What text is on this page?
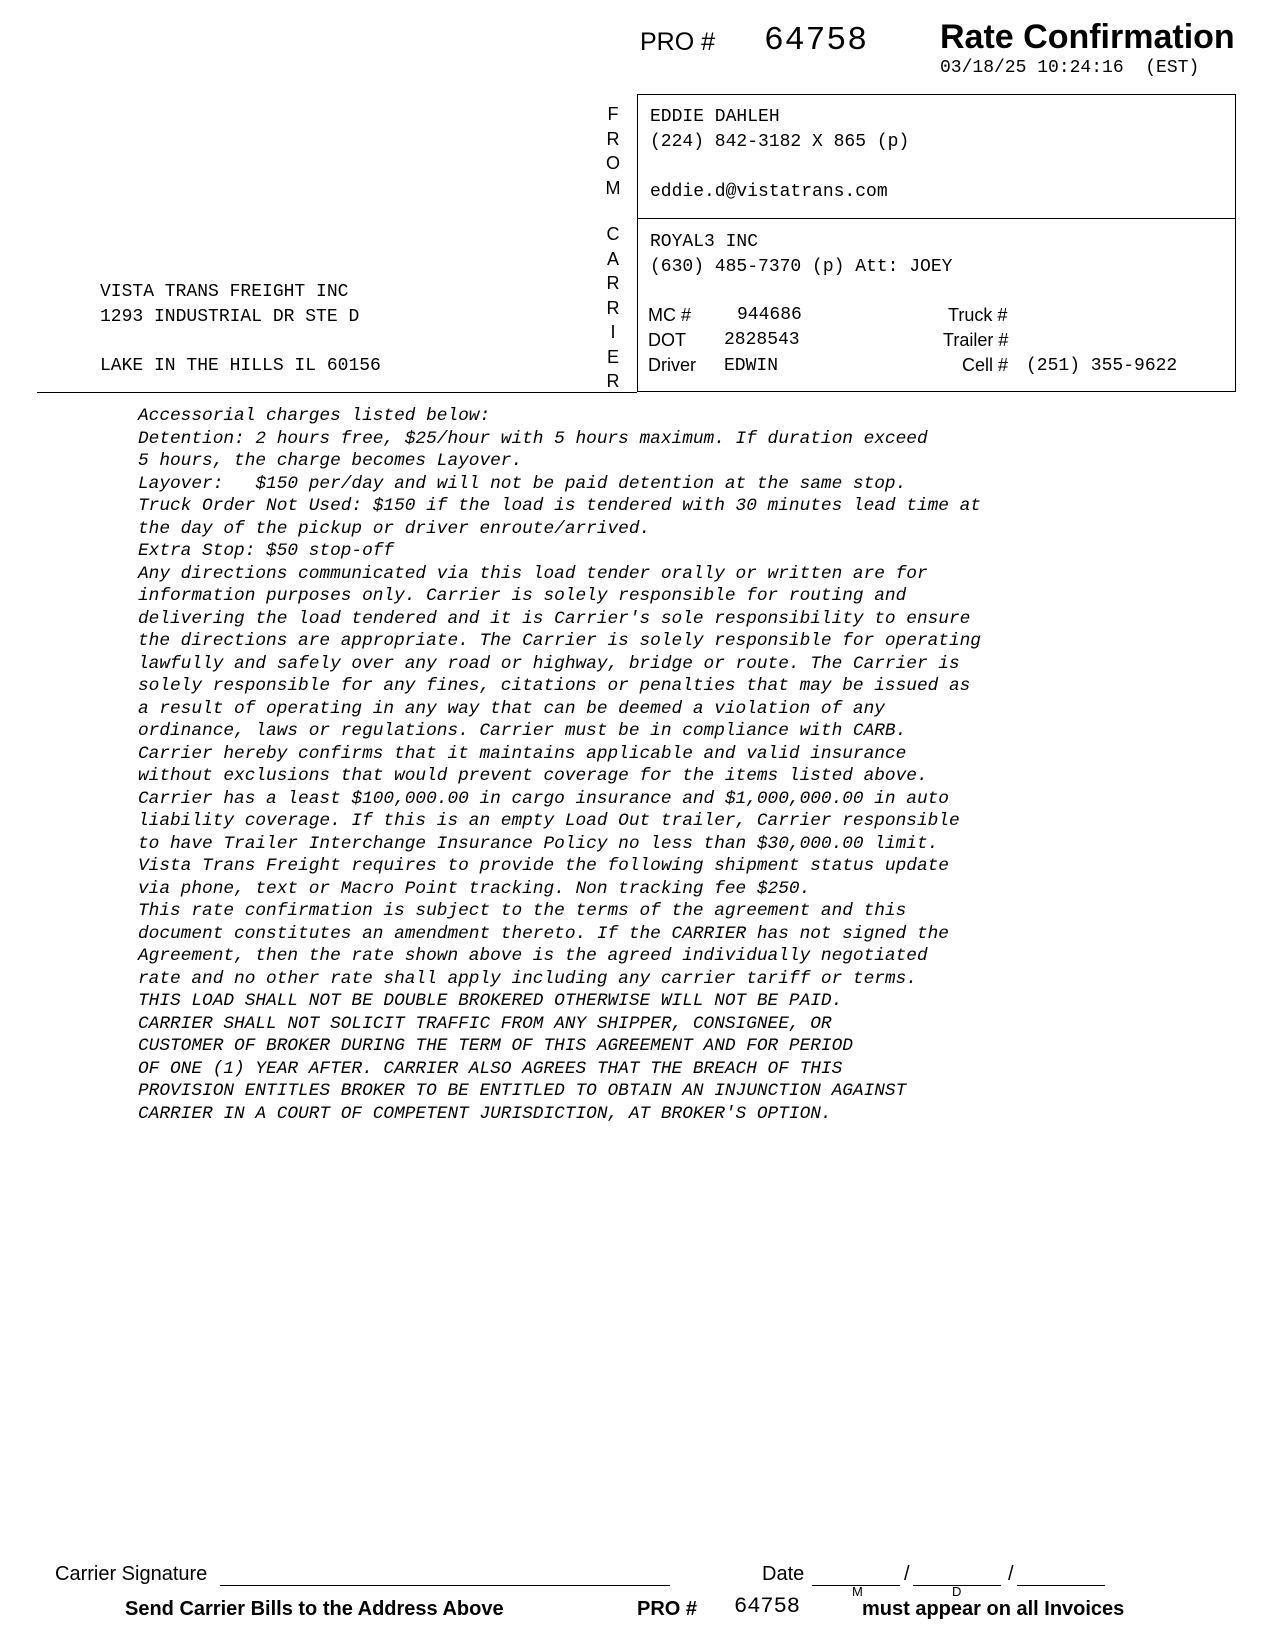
PRO # 64758 Rate Confirmation
03/18/25 10:24:16  (EST)
F
R
O
M
C
A
R
R
I
E
R
EDDIE DAHLEH
(224) 842-3182 X 865 (p)
eddie.d@vistatrans.com
ROYAL3 INC
(630) 485-7370 (p) Att: JOEY
MC #	944686	Truck #
DOT 2828543	Trailer #
Driver EDWIN	Cell # (251) 355-9622
VISTA TRANS FREIGHT INC
1293 INDUSTRIAL DR STE D
LAKE IN THE HILLS IL 60156
Accessorial charges listed below:
Detention: 2 hours free, $25/hour with 5 hours maximum. If duration exceed
5 hours, the charge becomes Layover.
Layover:   $150 per/day and will not be paid detention at the same stop.
Truck Order Not Used: $150 if the load is tendered with 30 minutes lead time at
the day of the pickup or driver enroute/arrived.
Extra Stop: $50 stop-off
Any directions communicated via this load tender orally or written are for
information purposes only. Carrier is solely responsible for routing and
delivering the load tendered and it is Carrier's sole responsibility to ensure
the directions are appropriate. The Carrier is solely responsible for operating
lawfully and safely over any road or highway, bridge or route. The Carrier is
solely responsible for any fines, citations or penalties that may be issued as
a result of operating in any way that can be deemed a violation of any
ordinance, laws or regulations. Carrier must be in compliance with CARB.
Carrier hereby confirms that it maintains applicable and valid insurance
without exclusions that would prevent coverage for the items listed above.
Carrier has a least $100,000.00 in cargo insurance and $1,000,000.00 in auto
liability coverage. If this is an empty Load Out trailer, Carrier responsible
to have Trailer Interchange Insurance Policy no less than $30,000.00 limit.
Vista Trans Freight requires to provide the following shipment status update
via phone, text or Macro Point tracking. Non tracking fee $250.
This rate confirmation is subject to the terms of the agreement and this
document constitutes an amendment thereto. If the CARRIER has not signed the
Agreement, then the rate shown above is the agreed individually negotiated
rate and no other rate shall apply including any carrier tariff or terms.
THIS LOAD SHALL NOT BE DOUBLE BROKERED OTHERWISE WILL NOT BE PAID.
CARRIER SHALL NOT SOLICIT TRAFFIC FROM ANY SHIPPER, CONSIGNEE, OR
CUSTOMER OF BROKER DURING THE TERM OF THIS AGREEMENT AND FOR PERIOD
OF ONE (1) YEAR AFTER. CARRIER ALSO AGREES THAT THE BREACH OF THIS
PROVISION ENTITLES BROKER TO BE ENTITLED TO OBTAIN AN INJUNCTION AGAINST
CARRIER IN A COURT OF COMPETENT JURISDICTION, AT BROKER'S OPTION.
Carrier Signature	Date	/	/
M	D
Send Carrier Bills to the Address Above	PRO # 64758	must appear on all Invoices
